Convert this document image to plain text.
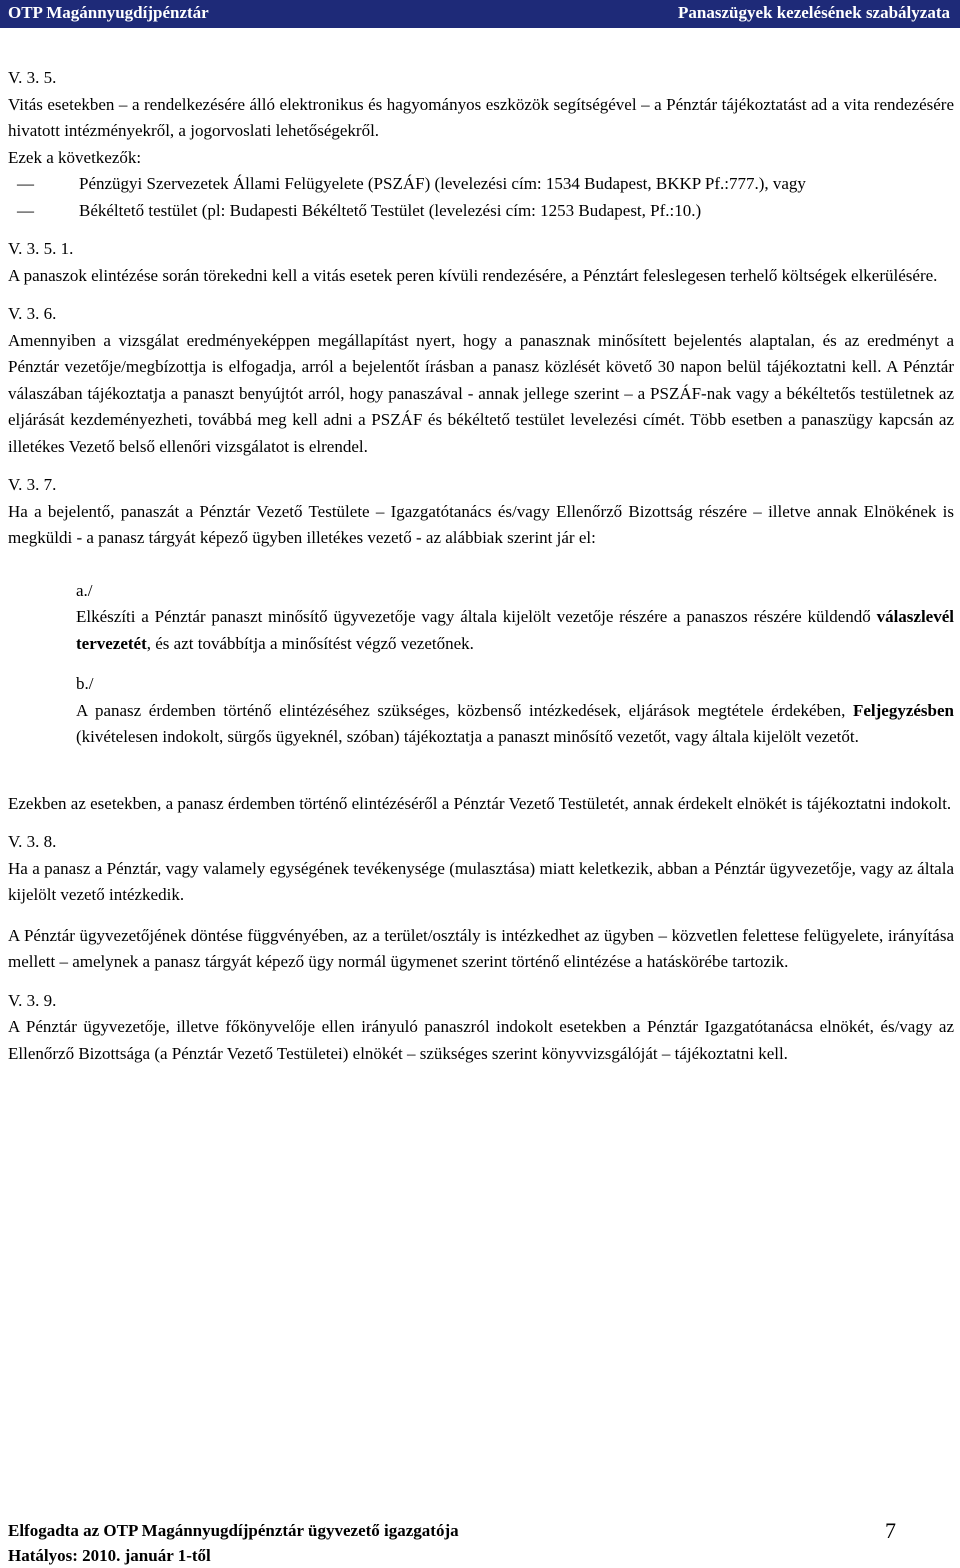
OTP Magánnyugdíjpénztár	Panaszügyek kezelésének szabályzata

V. 3. 5.

Vitás esetekben – a rendelkezésére álló elektronikus és hagyományos eszközök segítségével – a Pénztár tájékoztatást ad a vita rendezésére hivatott intézményekről, a jogorvoslati lehetőségekről.

Ezek a következők:

—	Pénzügyi Szervezetek Állami Felügyelete (PSZÁF) (levelezési cím: 1534 Budapest, BKKP Pf.:777.), vagy

—	Békéltető testület (pl: Budapesti Békéltető Testület (levelezési cím: 1253 Budapest, Pf.:10.)

V. 3. 5. 1.

A panaszok elintézése során törekedni kell a vitás esetek peren kívüli rendezésére, a Pénztárt feleslegesen terhelő költségek elkerülésére.

V. 3. 6.

Amennyiben a vizsgálat eredményeképpen megállapítást nyert, hogy a panasznak minősített bejelentés alaptalan, és az eredményt a Pénztár vezetője/megbízottja is elfogadja, arról a bejelentőt írásban a panasz közlését követő 30 napon belül tájékoztatni kell. A Pénztár válaszában tájékoztatja a panaszt benyújtót arról, hogy panaszával - annak jellege szerint – a PSZÁF-nak vagy a békéltetős testületnek az eljárását kezdeményezheti, továbbá meg kell adni a PSZÁF és békéltető testület levelezési címét. Több esetben a panaszügy kapcsán az illetékes Vezető belső ellenőri vizsgálatot is elrendel.

V. 3. 7.

Ha a bejelentő, panaszát a Pénztár Vezető Testülete – Igazgatótanács és/vagy Ellenőrző Bizottság részére – illetve annak Elnökének is megküldi - a panasz tárgyát képező ügyben illetékes vezető - az alábbiak szerint jár el:

a./

Elkészíti a Pénztár panaszt minősítő ügyvezetője vagy általa kijelölt vezetője részére a panaszos részére küldendő válaszlevél tervezetét, és azt továbbítja a minősítést végző vezetőnek.

b./

A panasz érdemben történő elintézéséhez szükséges, közbenső intézkedések, eljárások megtétele érdekében, Feljegyzésben (kivételesen indokolt, sürgős ügyeknél, szóban) tájékoztatja a panaszt minősítő vezetőt, vagy általa kijelölt vezetőt.

Ezekben az esetekben, a panasz érdemben történő elintézéséről a Pénztár Vezető Testületét, annak érdekelt elnökét is tájékoztatni indokolt.

V. 3. 8.

Ha a panasz a Pénztár, vagy valamely egységének tevékenysége (mulasztása) miatt keletkezik, abban a Pénztár ügyvezetője, vagy az általa kijelölt vezető intézkedik.

A Pénztár ügyvezetőjének döntése függvényében, az a terület/osztály is intézkedhet az ügyben – közvetlen felettese felügyelete, irányítása mellett – amelynek a panasz tárgyát képező ügy normál ügymenet szerint történő elintézése a hatáskörébe tartozik.

V. 3. 9.

A Pénztár ügyvezetője, illetve főkönyvelője ellen irányuló panaszról indokolt esetekben a Pénztár Igazgatótanácsa elnökét, és/vagy az Ellenőrző Bizottsága (a Pénztár Vezető Testületei) elnökét – szükséges szerint könyvvizsgálóját – tájékoztatni kell.

Elfogadta az OTP Magánnyugdíjpénztár ügyvezető igazgatója
Hatályos: 2010. január 1-től
7
